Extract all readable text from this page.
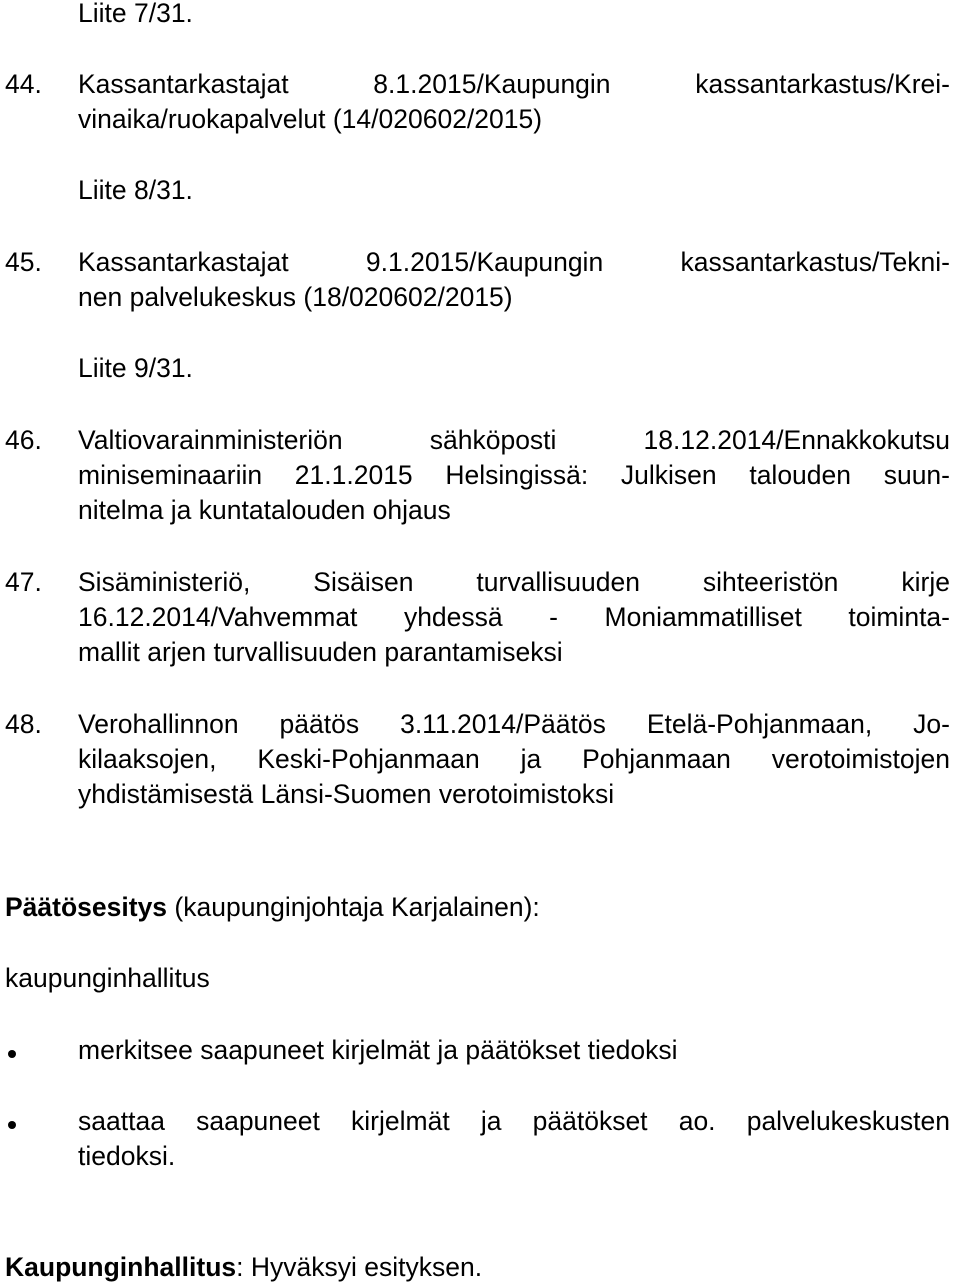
Liite 7/31.
44. Kassantarkastajat 8.1.2015/Kaupungin kassantarkastus/Krei-
vinaika/ruokapalvelut (14/020602/2015)
Liite 8/31.
45. Kassantarkastajat 9.1.2015/Kaupungin kassantarkastus/Tekni-
nen palvelukeskus (18/020602/2015)
Liite 9/31.
46. Valtiovarainministeriön sähköposti 18.12.2014/Ennakkokutsu
miniseminaariin 21.1.2015 Helsingissä: Julkisen talouden suun-
nitelma ja kuntatalouden ohjaus
47. Sisäministeriö, Sisäisen turvallisuuden sihteeristön kirje
16.12.2014/Vahvemmat yhdessä - Moniammatilliset toiminta-
mallit arjen turvallisuuden parantamiseksi
48. Verohallinnon päätös 3.11.2014/Päätös Etelä-Pohjanmaan, Jo-
kilaaksojen, Keski-Pohjanmaan ja Pohjanmaan verotoimistojen
yhdistämisestä Länsi-Suomen verotoimistoksi
Päätösesitys (kaupunginjohtaja Karjalainen):
kaupunginhallitus
merkitsee saapuneet kirjelmät ja päätökset tiedoksi
saattaa saapuneet kirjelmät ja päätökset ao. palvelukeskusten
tiedoksi.
Kaupunginhallitus: Hyväksyi esityksen.
